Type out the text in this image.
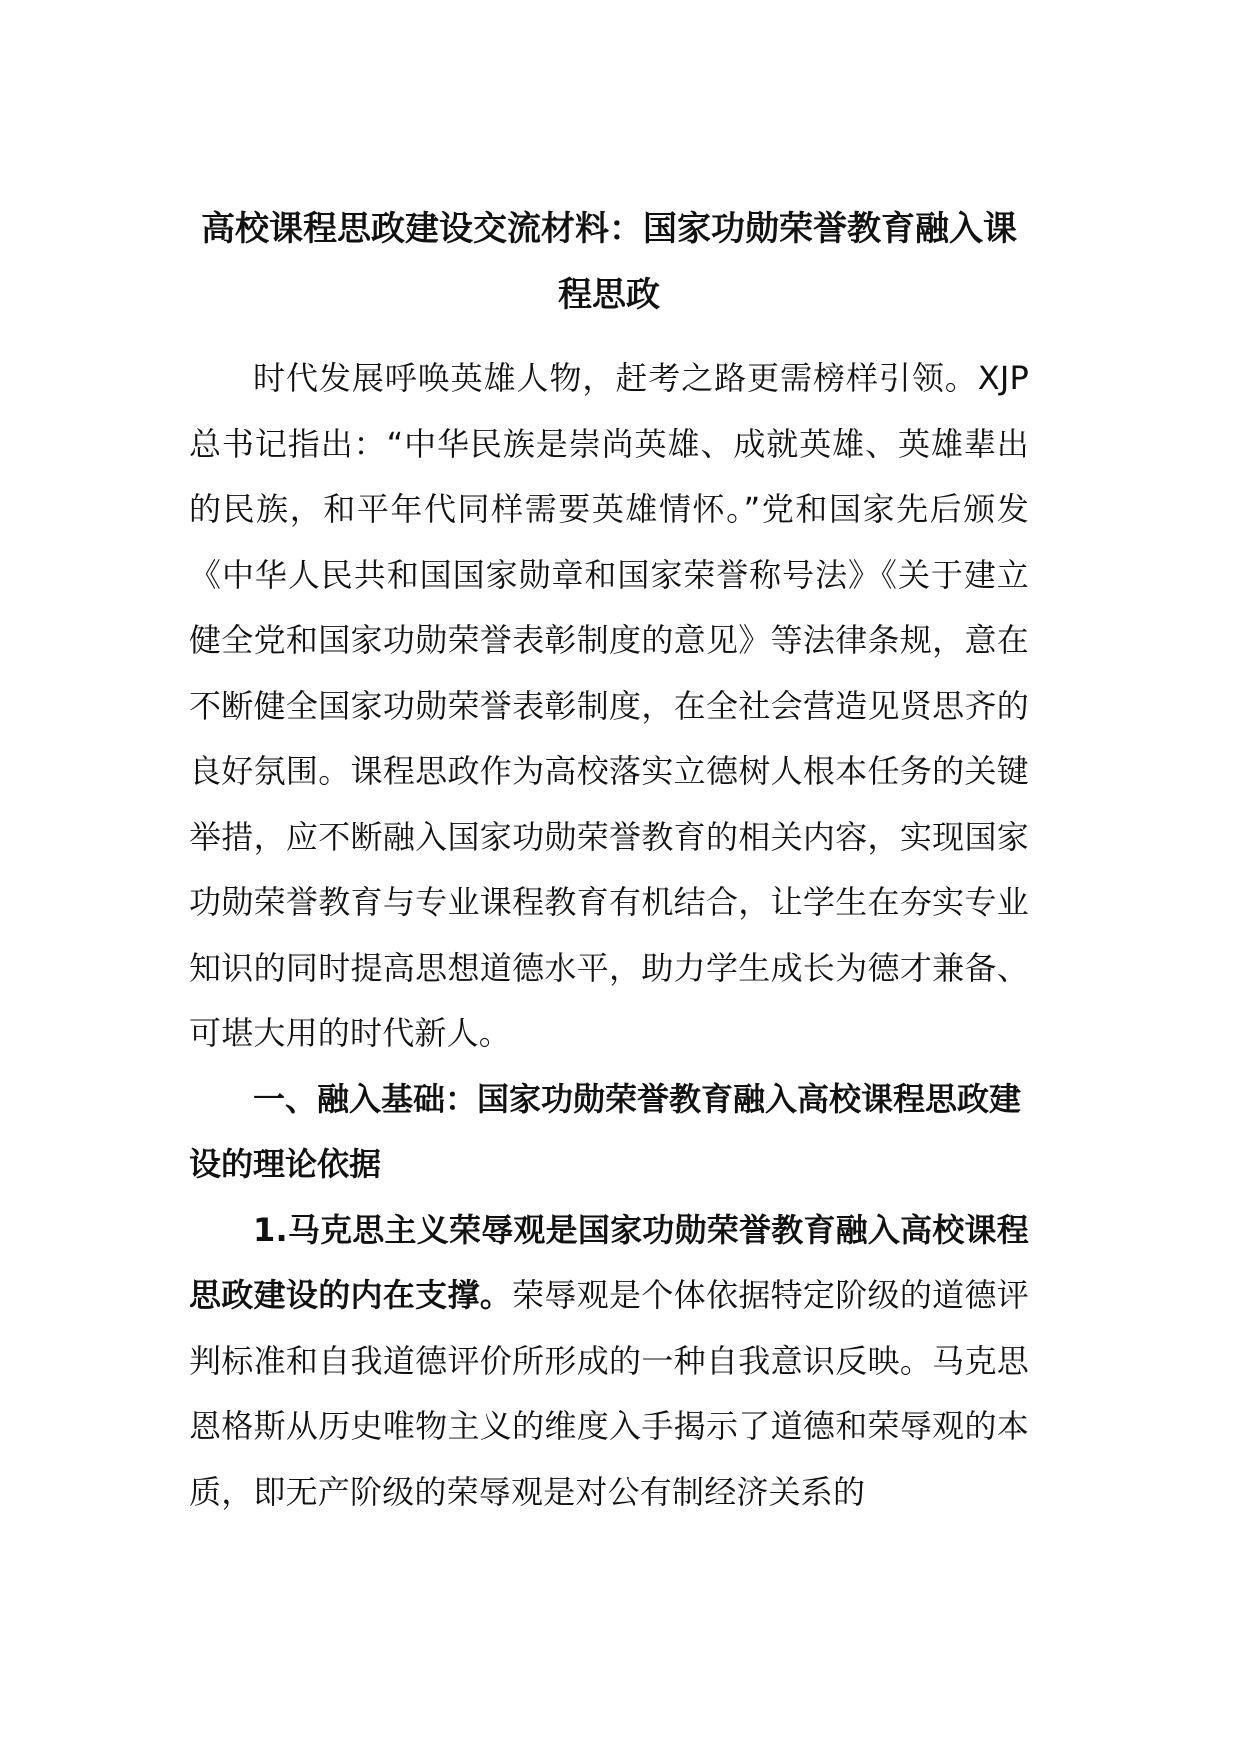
高校课程思政建设交流材料：国家功勋荣誉教育融入课程思政

时代发展呼唤英雄人物，赶考之路更需榜样引领。XJP总书记指出：“中华民族是崇尚英雄、成就英雄、英雄辈出的民族，和平年代同样需要英雄情怀。”党和国家先后颁发《中华人民共和国国家勋章和国家荣誉称号法》《关于建立健全党和国家功勋荣誉表彰制度的意见》等法律条规，意在不断健全国家功勋荣誉表彰制度，在全社会营造见贤思齐的良好氛围。课程思政作为高校落实立德树人根本任务的关键举措，应不断融入国家功勋荣誉教育的相关内容，实现国家功勋荣誉教育与专业课程教育有机结合，让学生在夯实专业知识的同时提高思想道德水平，助力学生成长为德才兼备、可堪大用的时代新人。

一、融入基础：国家功勋荣誉教育融入高校课程思政建设的理论依据

1.马克思主义荣辱观是国家功勋荣誉教育融入高校课程思政建设的内在支撑。荣辱观是个体依据特定阶级的道德评判标准和自我道德评价所形成的一种自我意识反映。马克思恩格斯从历史唯物主义的维度入手揭示了道德和荣辱观的本质，即无产阶级的荣辱观是对公有制经济关系的
